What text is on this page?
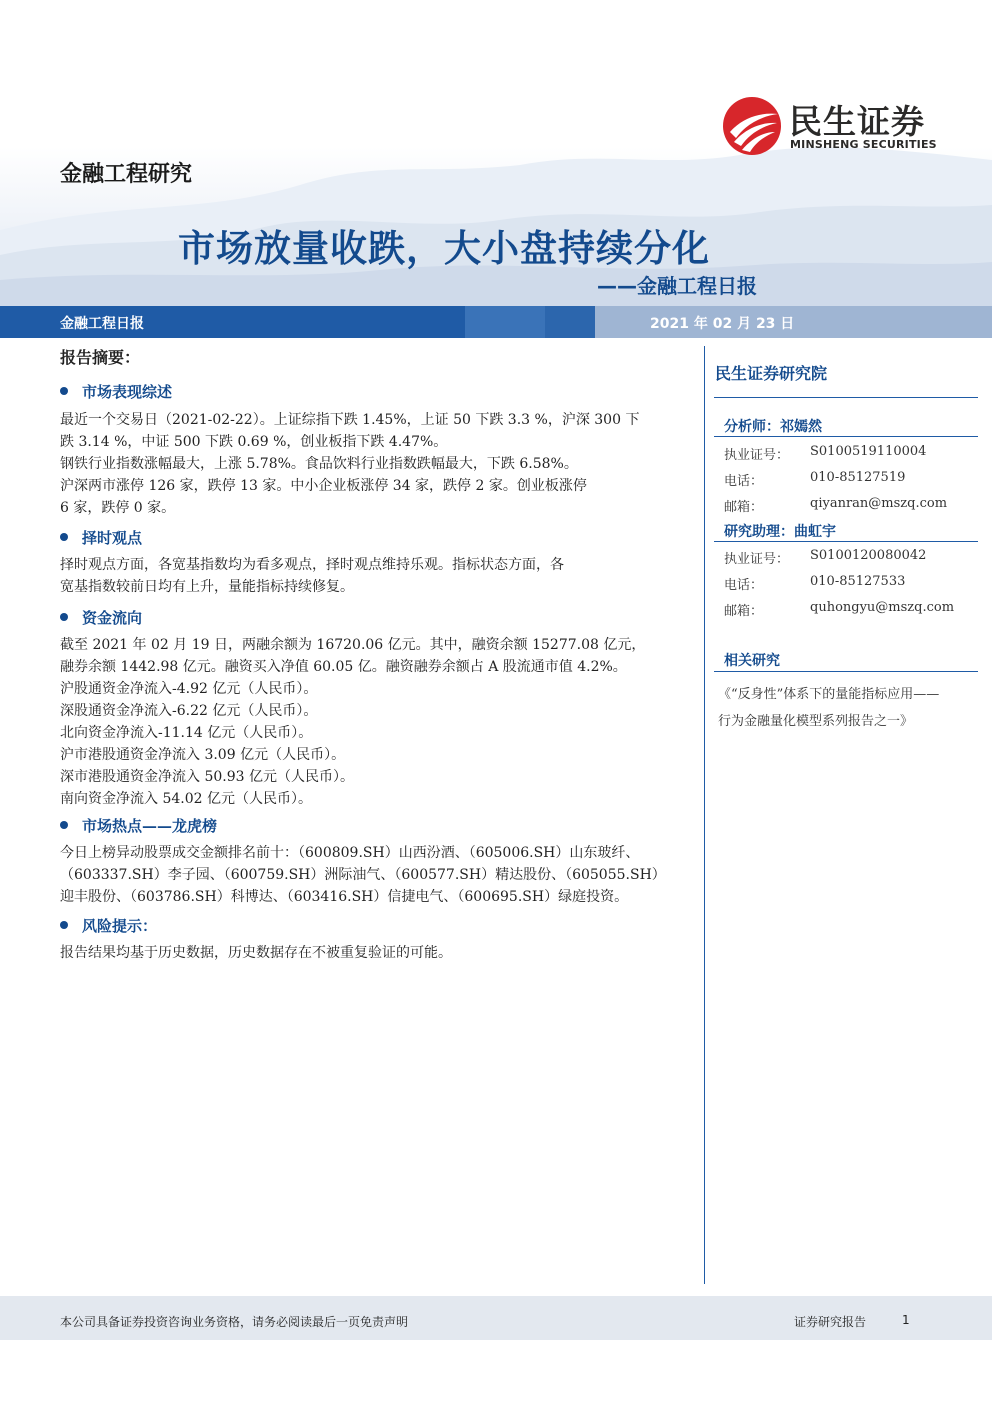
民生证券
MINSHENG SECURITIES
金融工程研究
市场放量收跌，大小盘持续分化
——金融工程日报
金融工程日报	2021 年 02 月 23 日
报告摘要：
市场表现综述
最近一个交易日（2021-02-22）。上证综指下跌 1.45%，上证 50 下跌 3.3 %，沪深 300 下
跌 3.14 %，中证 500 下跌 0.69 %，创业板指下跌 4.47%。
钢铁行业指数涨幅最大，上涨 5.78%。食品饮料行业指数跌幅最大，下跌 6.58%。
沪深两市涨停 126 家，跌停 13 家。中小企业板涨停 34 家，跌停 2 家。创业板涨停
6 家，跌停 0 家。
择时观点
择时观点方面，各宽基指数均为看多观点，择时观点维持乐观。指标状态方面，各
宽基指数较前日均有上升，量能指标持续修复。
资金流向
截至 2021 年 02 月 19 日，两融余额为 16720.06 亿元。其中，融资余额 15277.08 亿元，
融券余额 1442.98 亿元。融资买入净值 60.05 亿。融资融券余额占 A 股流通市值 4.2%。
沪股通资金净流入-4.92 亿元（人民币）。
深股通资金净流入-6.22 亿元（人民币）。
北向资金净流入-11.14 亿元（人民币）。
沪市港股通资金净流入 3.09 亿元（人民币）。
深市港股通资金净流入 50.93 亿元（人民币）。
南向资金净流入 54.02 亿元（人民币）。
市场热点——龙虎榜
今日上榜异动股票成交金额排名前十：（600809.SH）山西汾酒、（605006.SH）山东玻纤、
（603337.SH）李子园、（600759.SH）洲际油气、（600577.SH）精达股份、（605055.SH）
迎丰股份、（603786.SH）科博达、（603416.SH）信捷电气、（600695.SH）绿庭投资。
风险提示：
报告结果均基于历史数据，历史数据存在不被重复验证的可能。
民生证券研究院
分析师：祁嫣然
执业证号： S0100519110004
电话：	010-85127519
邮箱：	qiyanran@mszq.com
研究助理：曲虹宇
执业证号： S0100120080042
电话：	010-85127533
邮箱：	quhongyu@mszq.com
相关研究
《“反身性”体系下的量能指标应用——
行为金融量化模型系列报告之一》
本公司具备证券投资咨询业务资格，请务必阅读最后一页免责声明	证券研究报告	1
